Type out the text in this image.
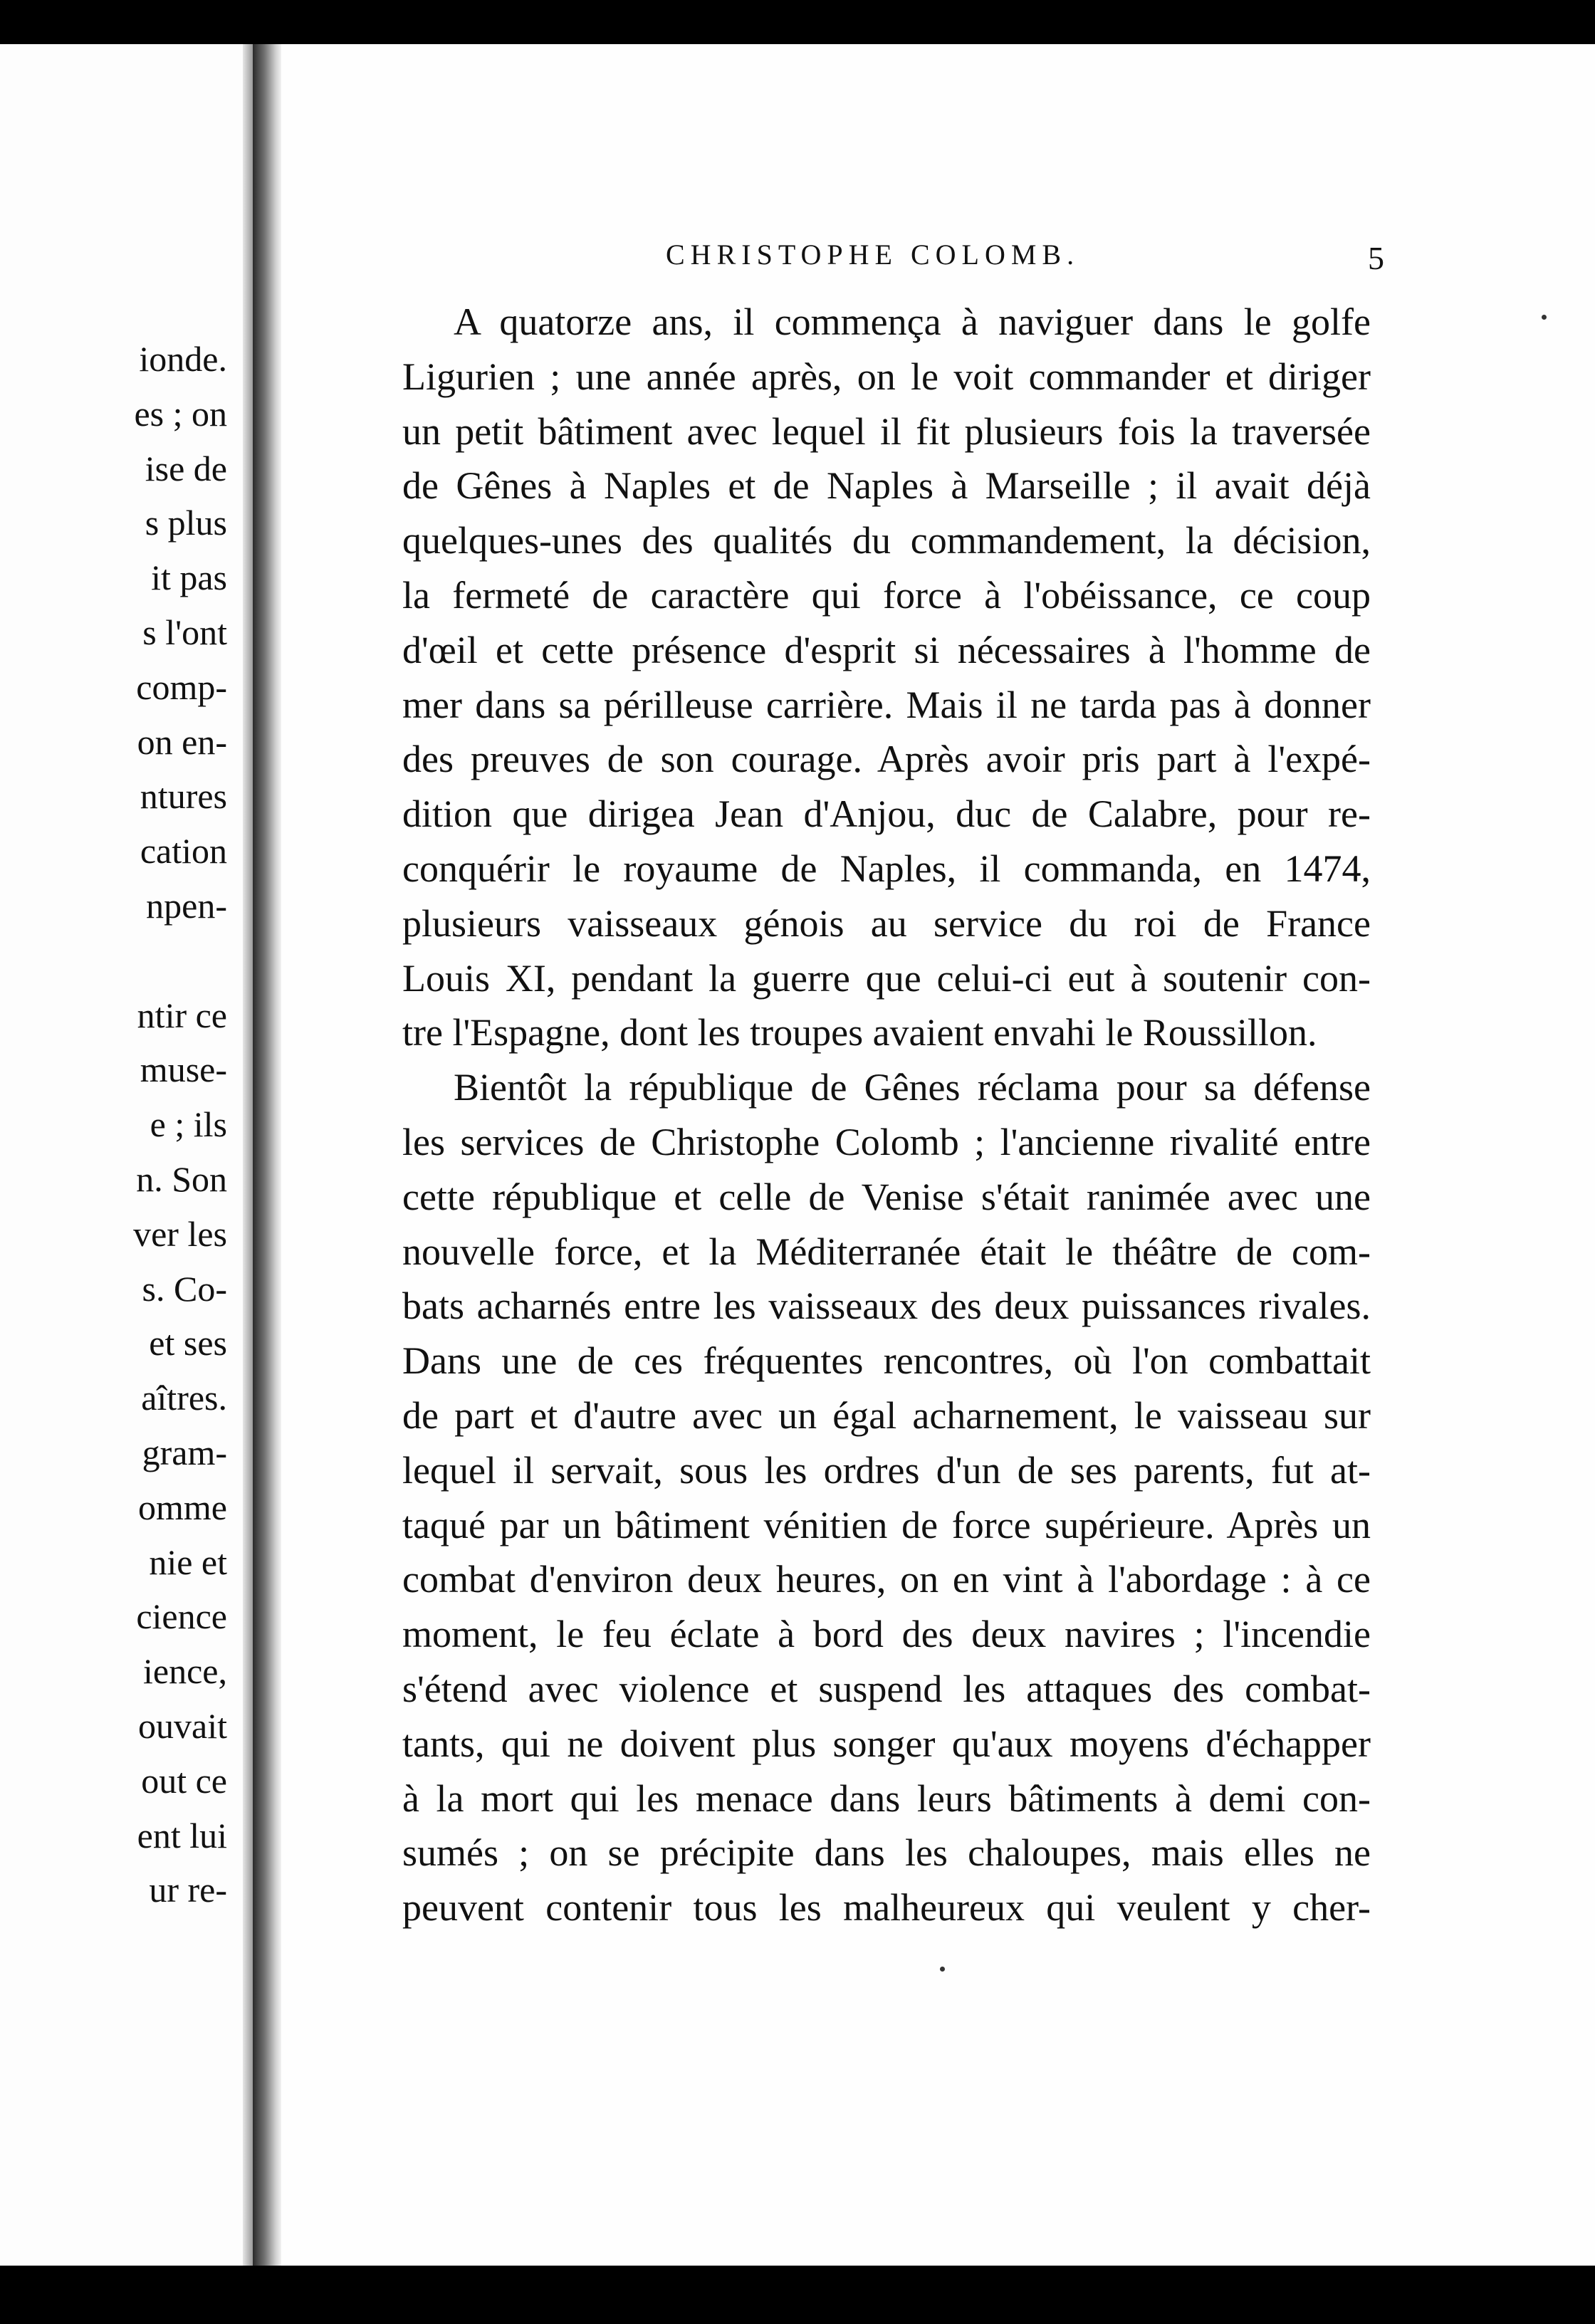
ionde.
es ; on
ise de
s plus
it pas
s l'ont
comp-
on en-
ntures
cation
npen-
ntir ce
muse-
e ; ils
n. Son
ver les
s. Co-
et ses
aîtres.
gram-
omme
nie et
cience
ience,
ouvait
out ce
ent lui
ur re-
CHRISTOPHE COLOMB.	5
A quatorze ans, il commença à naviguer dans le golfe
Ligurien ; une année après, on le voit commander et diriger
un petit bâtiment avec lequel il fit plusieurs fois la traversée
de Gênes à Naples et de Naples à Marseille ; il avait déjà
quelques-unes des qualités du commandement, la décision,
la fermeté de caractère qui force à l'obéissance, ce coup
d'œil et cette présence d'esprit si nécessaires à l'homme de
mer dans sa périlleuse carrière. Mais il ne tarda pas à donner
des preuves de son courage. Après avoir pris part à l'expé-
dition que dirigea Jean d'Anjou, duc de Calabre, pour re-
conquérir le royaume de Naples, il commanda, en 1474,
plusieurs vaisseaux génois au service du roi de France
Louis XI, pendant la guerre que celui-ci eut à soutenir con-
tre l'Espagne, dont les troupes avaient envahi le Roussillon.
Bientôt la république de Gênes réclama pour sa défense
les services de Christophe Colomb ; l'ancienne rivalité entre
cette république et celle de Venise s'était ranimée avec une
nouvelle force, et la Méditerranée était le théâtre de com-
bats acharnés entre les vaisseaux des deux puissances rivales.
Dans une de ces fréquentes rencontres, où l'on combattait
de part et d'autre avec un égal acharnement, le vaisseau sur
lequel il servait, sous les ordres d'un de ses parents, fut at-
taqué par un bâtiment vénitien de force supérieure. Après un
combat d'environ deux heures, on en vint à l'abordage : à ce
moment, le feu éclate à bord des deux navires ; l'incendie
s'étend avec violence et suspend les attaques des combat-
tants, qui ne doivent plus songer qu'aux moyens d'échapper
à la mort qui les menace dans leurs bâtiments à demi con-
sumés ; on se précipite dans les chaloupes, mais elles ne
peuvent contenir tous les malheureux qui veulent y cher-
